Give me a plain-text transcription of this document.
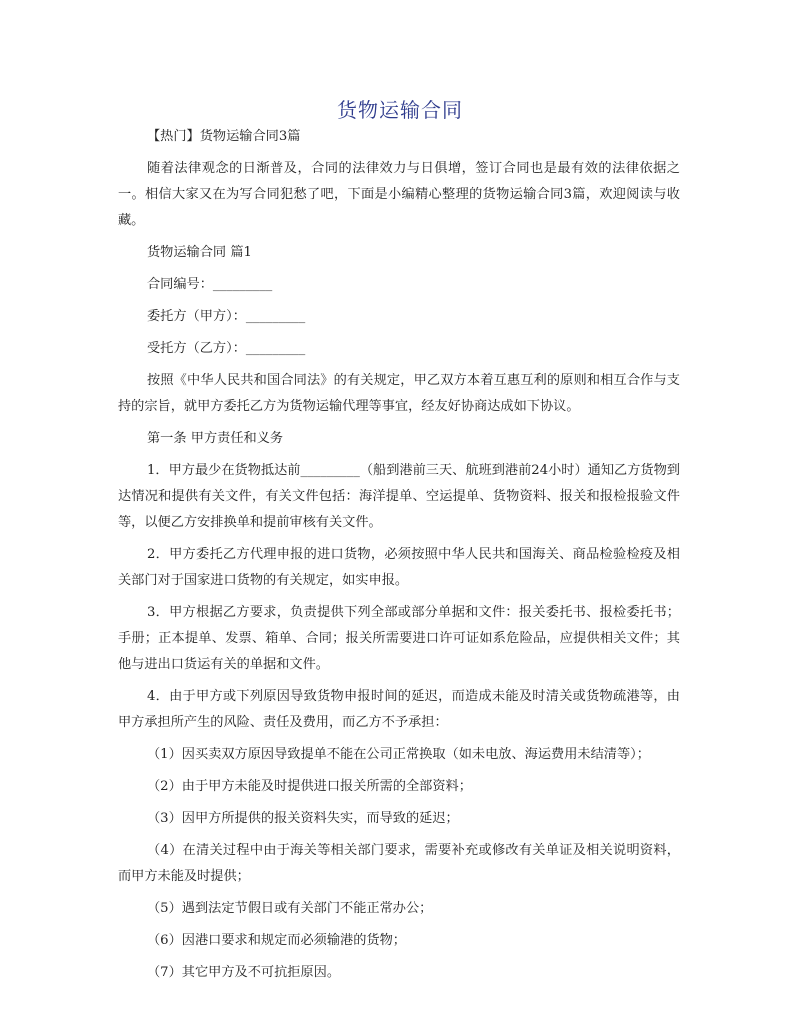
货物运输合同

【热门】货物运输合同3篇

随着法律观念的日渐普及，合同的法律效力与日俱增，签订合同也是最有效的法律依据之一。相信大家又在为写合同犯愁了吧，下面是小编精心整理的货物运输合同3篇，欢迎阅读与收藏。

货物运输合同 篇1

合同编号：_________

委托方（甲方）：_________

受托方（乙方）：_________

按照《中华人民共和国合同法》的有关规定，甲乙双方本着互惠互利的原则和相互合作与支持的宗旨，就甲方委托乙方为货物运输代理等事宜，经友好协商达成如下协议。

第一条 甲方责任和义务

1．甲方最少在货物抵达前_________（船到港前三天、航班到港前24小时）通知乙方货物到达情况和提供有关文件，有关文件包括：海洋提单、空运提单、货物资料、报关和报检报验文件等，以便乙方安排换单和提前审核有关文件。

2．甲方委托乙方代理申报的进口货物，必须按照中华人民共和国海关、商品检验检疫及相关部门对于国家进口货物的有关规定，如实申报。

3．甲方根据乙方要求，负责提供下列全部或部分单据和文件：报关委托书、报检委托书；手册；正本提单、发票、箱单、合同；报关所需要进口许可证如系危险品，应提供相关文件；其他与进出口货运有关的单据和文件。

4．由于甲方或下列原因导致货物申报时间的延迟，而造成未能及时清关或货物疏港等，由甲方承担所产生的风险、责任及费用，而乙方不予承担：

（1）因买卖双方原因导致提单不能在公司正常换取（如未电放、海运费用未结清等）；

（2）由于甲方未能及时提供进口报关所需的全部资料；

（3）因甲方所提供的报关资料失实，而导致的延迟；

（4）在清关过程中由于海关等相关部门要求，需要补充或修改有关单证及相关说明资料，而甲方未能及时提供；

（5）遇到法定节假日或有关部门不能正常办公；

（6）因港口要求和规定而必须输港的货物；

（7）其它甲方及不可抗拒原因。
